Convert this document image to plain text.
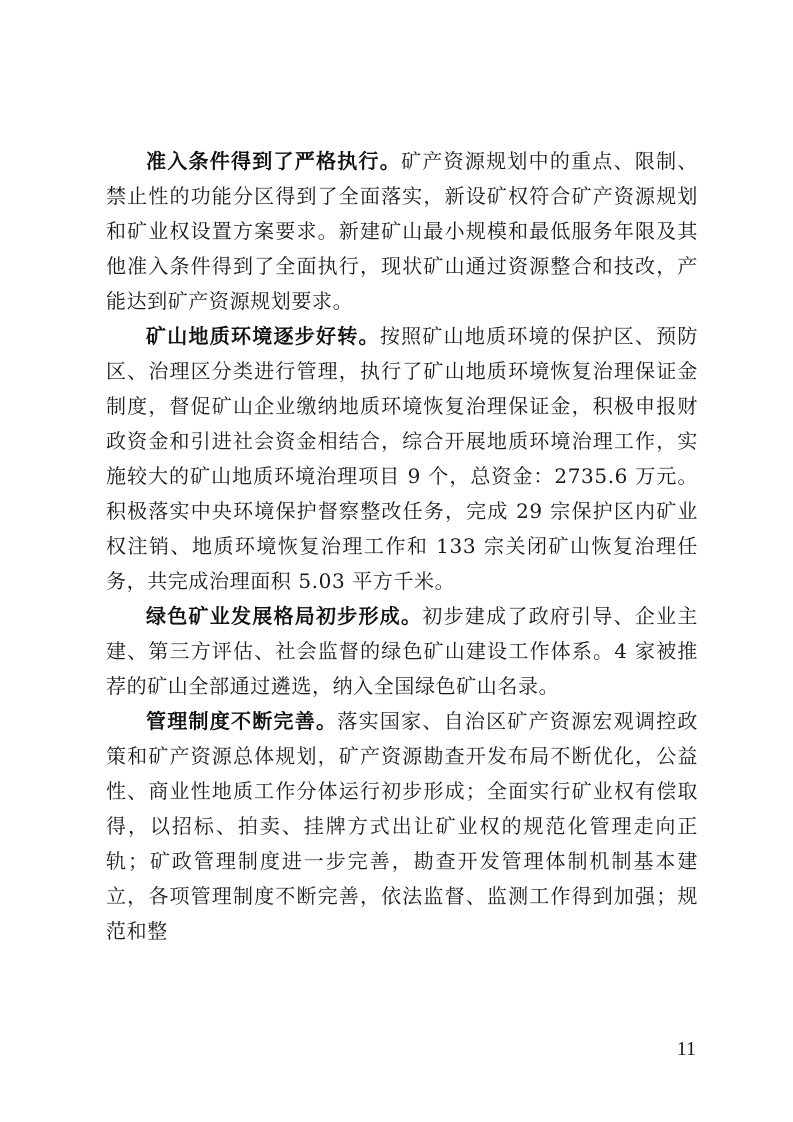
准入条件得到了严格执行。矿产资源规划中的重点、限制、禁止性的功能分区得到了全面落实，新设矿权符合矿产资源规划和矿业权设置方案要求。新建矿山最小规模和最低服务年限及其他准入条件得到了全面执行，现状矿山通过资源整合和技改，产能达到矿产资源规划要求。

矿山地质环境逐步好转。按照矿山地质环境的保护区、预防区、治理区分类进行管理，执行了矿山地质环境恢复治理保证金制度，督促矿山企业缴纳地质环境恢复治理保证金，积极申报财政资金和引进社会资金相结合，综合开展地质环境治理工作，实施较大的矿山地质环境治理项目 9 个，总资金：2735.6 万元。积极落实中央环境保护督察整改任务，完成 29 宗保护区内矿业权注销、地质环境恢复治理工作和 133 宗关闭矿山恢复治理任务，共完成治理面积 5.03 平方千米。

绿色矿业发展格局初步形成。初步建成了政府引导、企业主建、第三方评估、社会监督的绿色矿山建设工作体系。4 家被推荐的矿山全部通过遴选，纳入全国绿色矿山名录。

管理制度不断完善。落实国家、自治区矿产资源宏观调控政策和矿产资源总体规划，矿产资源勘查开发布局不断优化，公益性、商业性地质工作分体运行初步形成；全面实行矿业权有偿取得，以招标、拍卖、挂牌方式出让矿业权的规范化管理走向正轨；矿政管理制度进一步完善，勘查开发管理体制机制基本建立，各项管理制度不断完善，依法监督、监测工作得到加强；规范和整

11
